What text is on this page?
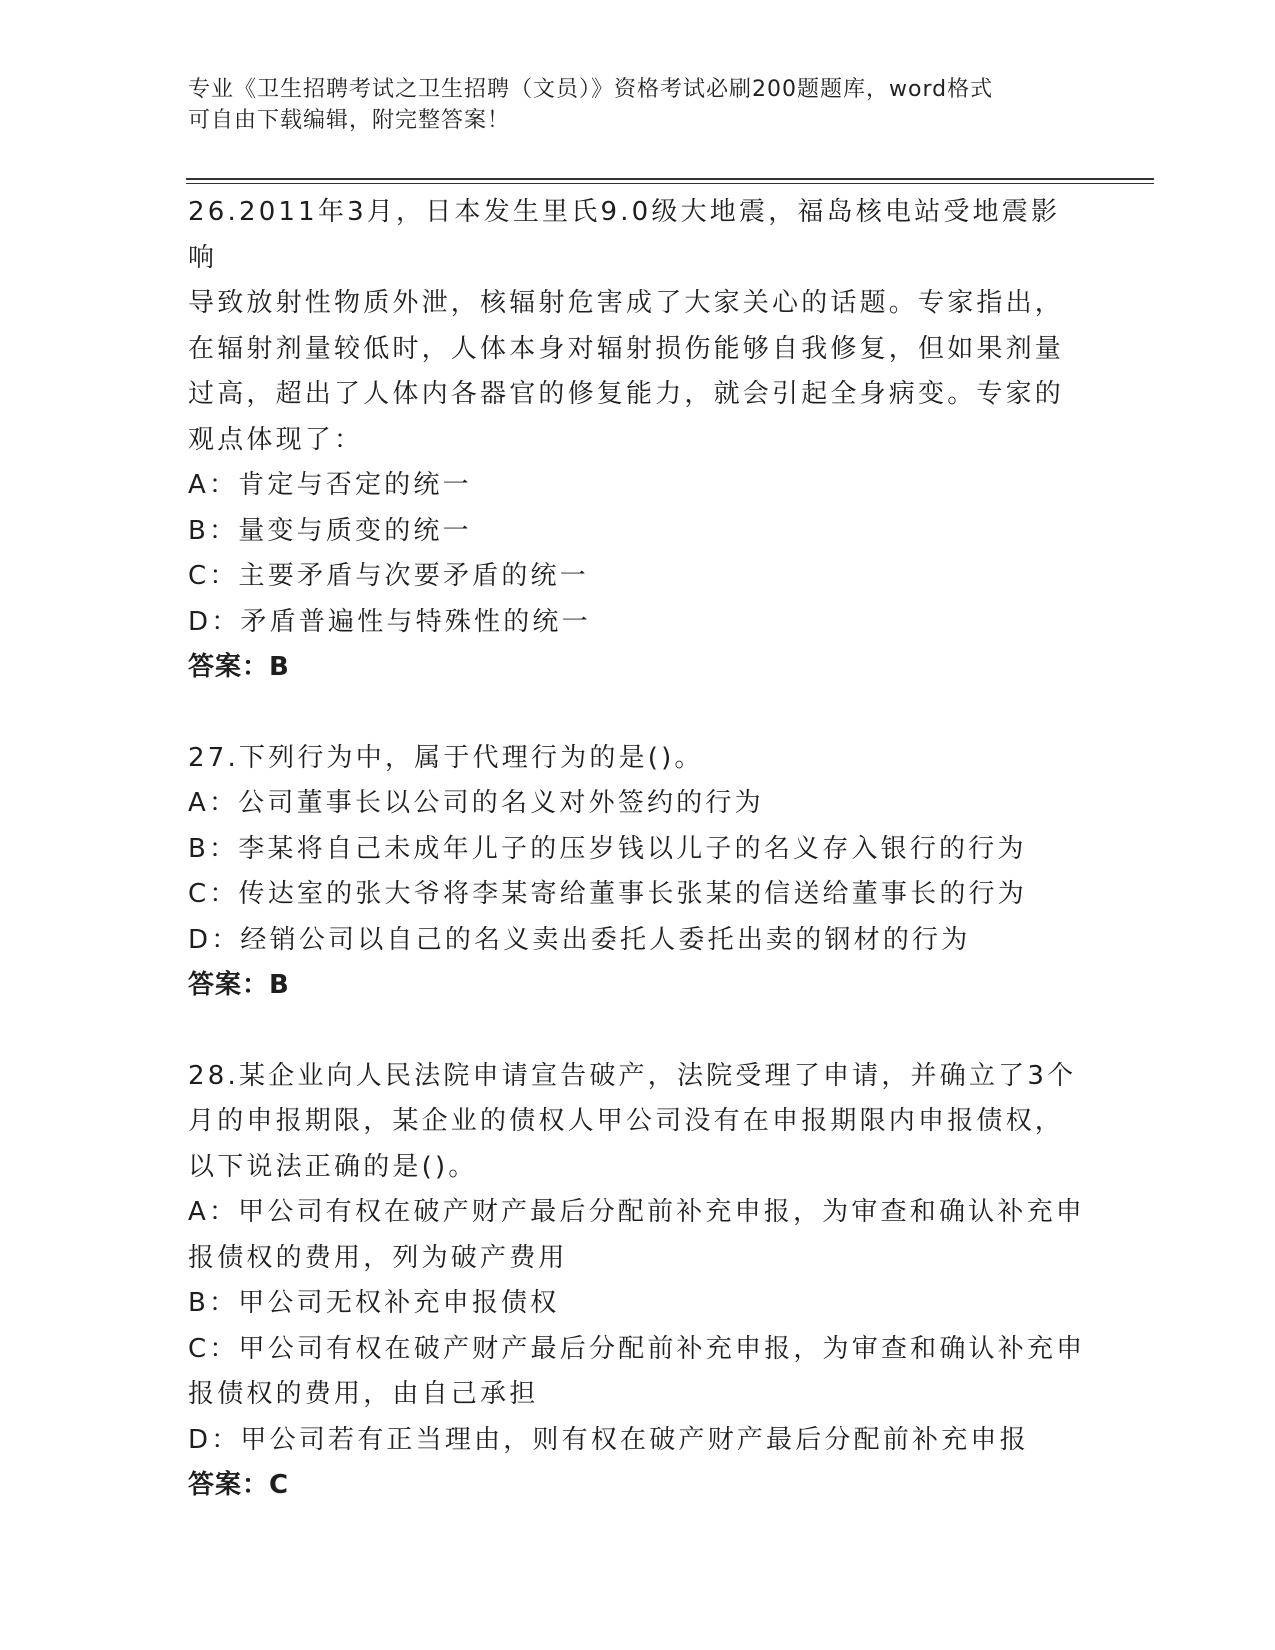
专业《卫生招聘考试之卫生招聘（文员）》资格考试必刷200题题库，word格式
可自由下载编辑，附完整答案！
26.2011年3月，日本发生里氏9.0级大地震，福岛核电站受地震影响
导致放射性物质外泄，核辐射危害成了大家关心的话题。专家指出，
在辐射剂量较低时，人体本身对辐射损伤能够自我修复，但如果剂量
过高，超出了人体内各器官的修复能力，就会引起全身病变。专家的
观点体现了：
A：肯定与否定的统一
B：量变与质变的统一
C：主要矛盾与次要矛盾的统一
D：矛盾普遍性与特殊性的统一
答案：B
27.下列行为中，属于代理行为的是()。
A：公司董事长以公司的名义对外签约的行为
B：李某将自己未成年儿子的压岁钱以儿子的名义存入银行的行为
C：传达室的张大爷将李某寄给董事长张某的信送给董事长的行为
D：经销公司以自己的名义卖出委托人委托出卖的钢材的行为
答案：B
28.某企业向人民法院申请宣告破产，法院受理了申请，并确立了3个
月的申报期限，某企业的债权人甲公司没有在申报期限内申报债权，
以下说法正确的是()。
A：甲公司有权在破产财产最后分配前补充申报，为审查和确认补充申
报债权的费用，列为破产费用
B：甲公司无权补充申报债权
C：甲公司有权在破产财产最后分配前补充申报，为审查和确认补充申
报债权的费用，由自己承担
D：甲公司若有正当理由，则有权在破产财产最后分配前补充申报
答案：C
